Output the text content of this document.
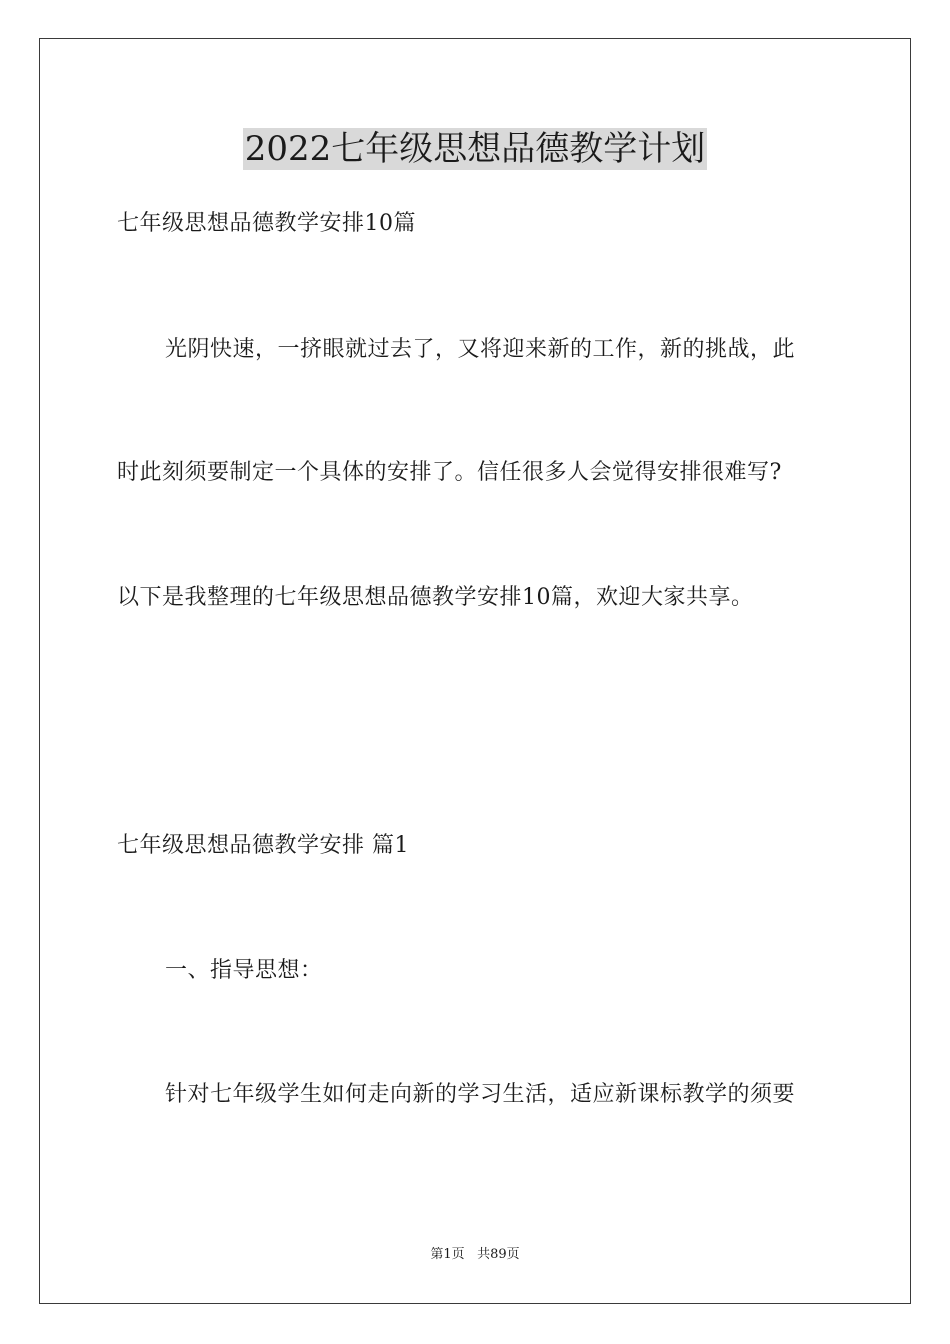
2022七年级思想品德教学计划
七年级思想品德教学安排10篇
光阴快速，一挤眼就过去了，又将迎来新的工作，新的挑战，此
时此刻须要制定一个具体的安排了。信任很多人会觉得安排很难写?
以下是我整理的七年级思想品德教学安排10篇，欢迎大家共享。
七年级思想品德教学安排 篇1
一、指导思想：
针对七年级学生如何走向新的学习生活，适应新课标教学的须要
第1页 共89页
